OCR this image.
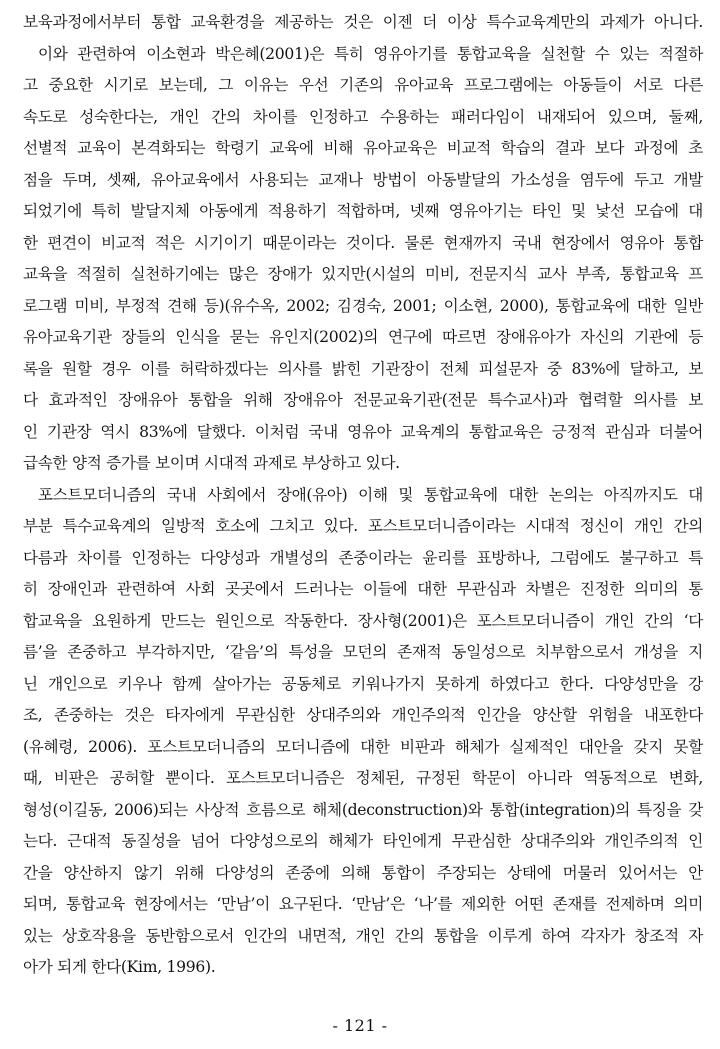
보육과정에서부터 통합 교육환경을 제공하는 것은 이젠 더 이상 특수교육계만의 과제가 아니다.
이와 관련하여 이소현과 박은혜(2001)은 특히 영유아기를 통합교육을 실천할 수 있는 적절하
고 중요한 시기로 보는데, 그 이유는 우선 기존의 유아교육 프로그램에는 아동들이 서로 다른
속도로 성숙한다는, 개인 간의 차이를 인정하고 수용하는 패러다임이 내재되어 있으며, 둘째,
선별적 교육이 본격화되는 학령기 교육에 비해 유아교육은 비교적 학습의 결과 보다 과정에 초
점을 두며, 셋째, 유아교육에서 사용되는 교재나 방법이 아동발달의 가소성을 염두에 두고 개발
되었기에 특히 발달지체 아동에게 적용하기 적합하며, 넷째 영유아기는 타인 및 낯선 모습에 대
한 편견이 비교적 적은 시기이기 때문이라는 것이다. 물론 현재까지 국내 현장에서 영유아 통합
교육을 적절히 실천하기에는 많은 장애가 있지만(시설의 미비, 전문지식 교사 부족, 통합교육 프
로그램 미비, 부정적 견해 등)(유수옥, 2002; 김경숙, 2001; 이소현, 2000), 통합교육에 대한 일반
유아교육기관 장들의 인식을 묻는 유인지(2002)의 연구에 따르면 장애유아가 자신의 기관에 등
록을 원할 경우 이를 허락하겠다는 의사를 밝힌 기관장이 전체 피설문자 중 83%에 달하고, 보
다 효과적인 장애유아 통합을 위해 장애유아 전문교육기관(전문 특수교사)과 협력할 의사를 보
인 기관장 역시 83%에 달했다. 이처럼 국내 영유아 교육계의 통합교육은 긍정적 관심과 더불어
급속한 양적 증가를 보이며 시대적 과제로 부상하고 있다.
포스트모더니즘의 국내 사회에서 장애(유아) 이해 및 통합교육에 대한 논의는 아직까지도 대
부분 특수교육계의 일방적 호소에 그치고 있다. 포스트모더니즘이라는 시대적 정신이 개인 간의
다름과 차이를 인정하는 다양성과 개별성의 존중이라는 윤리를 표방하나, 그럼에도 불구하고 특
히 장애인과 관련하여 사회 곳곳에서 드러나는 이들에 대한 무관심과 차별은 진정한 의미의 통
합교육을 요원하게 만드는 원인으로 작동한다. 장사형(2001)은 포스트모더니즘이 개인 간의 ‘다
름’을 존중하고 부각하지만, ‘같음’의 특성을 모던의 존재적 동일성으로 치부함으로서 개성을 지
닌 개인으로 키우나 함께 살아가는 공동체로 키워나가지 못하게 하였다고 한다. 다양성만을 강
조, 존중하는 것은 타자에게 무관심한 상대주의와 개인주의적 인간을 양산할 위험을 내포한다
(유혜령, 2006). 포스트모더니즘의 모더니즘에 대한 비판과 해체가 실제적인 대안을 갖지 못할
때, 비판은 공허할 뿐이다. 포스트모더니즘은 정체된, 규정된 학문이 아니라 역동적으로 변화,
형성(이길동, 2006)되는 사상적 흐름으로 해체(deconstruction)와 통합(integration)의 특징을 갖
는다. 근대적 동질성을 넘어 다양성으로의 해체가 타인에게 무관심한 상대주의와 개인주의적 인
간을 양산하지 않기 위해 다양성의 존중에 의해 통합이 주장되는 상태에 머물러 있어서는 안
되며, 통합교육 현장에서는 ‘만남’이 요구된다. ‘만남’은 ‘나’를 제외한 어떤 존재를 전제하며 의미
있는 상호작용을 동반함으로서 인간의 내면적, 개인 간의 통합을 이루게 하여 각자가 창조적 자
아가 되게 한다(Kim, 1996).
- 121 -
